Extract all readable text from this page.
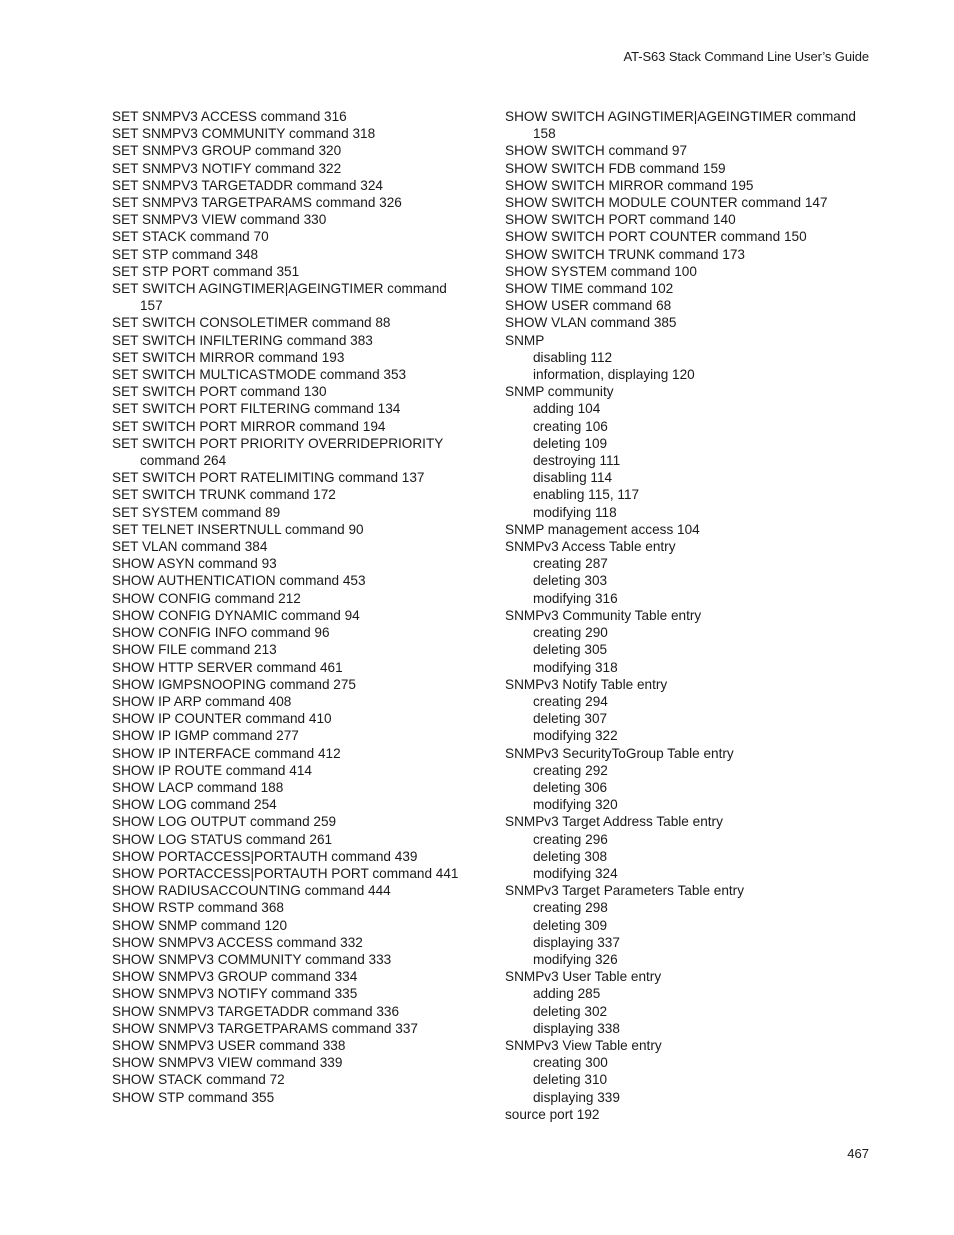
AT-S63 Stack Command Line User’s Guide
SET SNMPV3 ACCESS command 316
SET SNMPV3 COMMUNITY command 318
SET SNMPV3 GROUP command 320
SET SNMPV3 NOTIFY command 322
SET SNMPV3 TARGETADDR command 324
SET SNMPV3 TARGETPARAMS command 326
SET SNMPV3 VIEW command 330
SET STACK command 70
SET STP command 348
SET STP PORT command 351
SET SWITCH AGINGTIMER|AGEINGTIMER command
157
SET SWITCH CONSOLETIMER command 88
SET SWITCH INFILTERING command 383
SET SWITCH MIRROR command 193
SET SWITCH MULTICASTMODE command 353
SET SWITCH PORT command 130
SET SWITCH PORT FILTERING command 134
SET SWITCH PORT MIRROR command 194
SET SWITCH PORT PRIORITY OVERRIDEPRIORITY
command 264
SET SWITCH PORT RATELIMITING command 137
SET SWITCH TRUNK command 172
SET SYSTEM command 89
SET TELNET INSERTNULL command 90
SET VLAN command 384
SHOW ASYN command 93
SHOW AUTHENTICATION command 453
SHOW CONFIG command 212
SHOW CONFIG DYNAMIC command 94
SHOW CONFIG INFO command 96
SHOW FILE command 213
SHOW HTTP SERVER command 461
SHOW IGMPSNOOPING command 275
SHOW IP ARP command 408
SHOW IP COUNTER command 410
SHOW IP IGMP command 277
SHOW IP INTERFACE command 412
SHOW IP ROUTE command 414
SHOW LACP command 188
SHOW LOG command 254
SHOW LOG OUTPUT command 259
SHOW LOG STATUS command 261
SHOW PORTACCESS|PORTAUTH command 439
SHOW PORTACCESS|PORTAUTH PORT command 441
SHOW RADIUSACCOUNTING command 444
SHOW RSTP command 368
SHOW SNMP command 120
SHOW SNMPV3 ACCESS command 332
SHOW SNMPV3 COMMUNITY command 333
SHOW SNMPV3 GROUP command 334
SHOW SNMPV3 NOTIFY command 335
SHOW SNMPV3 TARGETADDR command 336
SHOW SNMPV3 TARGETPARAMS command 337
SHOW SNMPV3 USER command 338
SHOW SNMPV3 VIEW command 339
SHOW STACK command 72
SHOW STP command 355
SHOW SWITCH AGINGTIMER|AGEINGTIMER command
158
SHOW SWITCH command 97
SHOW SWITCH FDB command 159
SHOW SWITCH MIRROR command 195
SHOW SWITCH MODULE COUNTER command 147
SHOW SWITCH PORT command 140
SHOW SWITCH PORT COUNTER command 150
SHOW SWITCH TRUNK command 173
SHOW SYSTEM command 100
SHOW TIME command 102
SHOW USER command 68
SHOW VLAN command 385
SNMP
disabling 112
information, displaying 120
SNMP community
adding 104
creating 106
deleting 109
destroying 111
disabling 114
enabling 115, 117
modifying 118
SNMP management access 104
SNMPv3 Access Table entry
creating 287
deleting 303
modifying 316
SNMPv3 Community Table entry
creating 290
deleting 305
modifying 318
SNMPv3 Notify Table entry
creating 294
deleting 307
modifying 322
SNMPv3 SecurityToGroup Table entry
creating 292
deleting 306
modifying 320
SNMPv3 Target Address Table entry
creating 296
deleting 308
modifying 324
SNMPv3 Target Parameters Table entry
creating 298
deleting 309
displaying 337
modifying 326
SNMPv3 User Table entry
adding 285
deleting 302
displaying 338
SNMPv3 View Table entry
creating 300
deleting 310
displaying 339
source port 192
467
